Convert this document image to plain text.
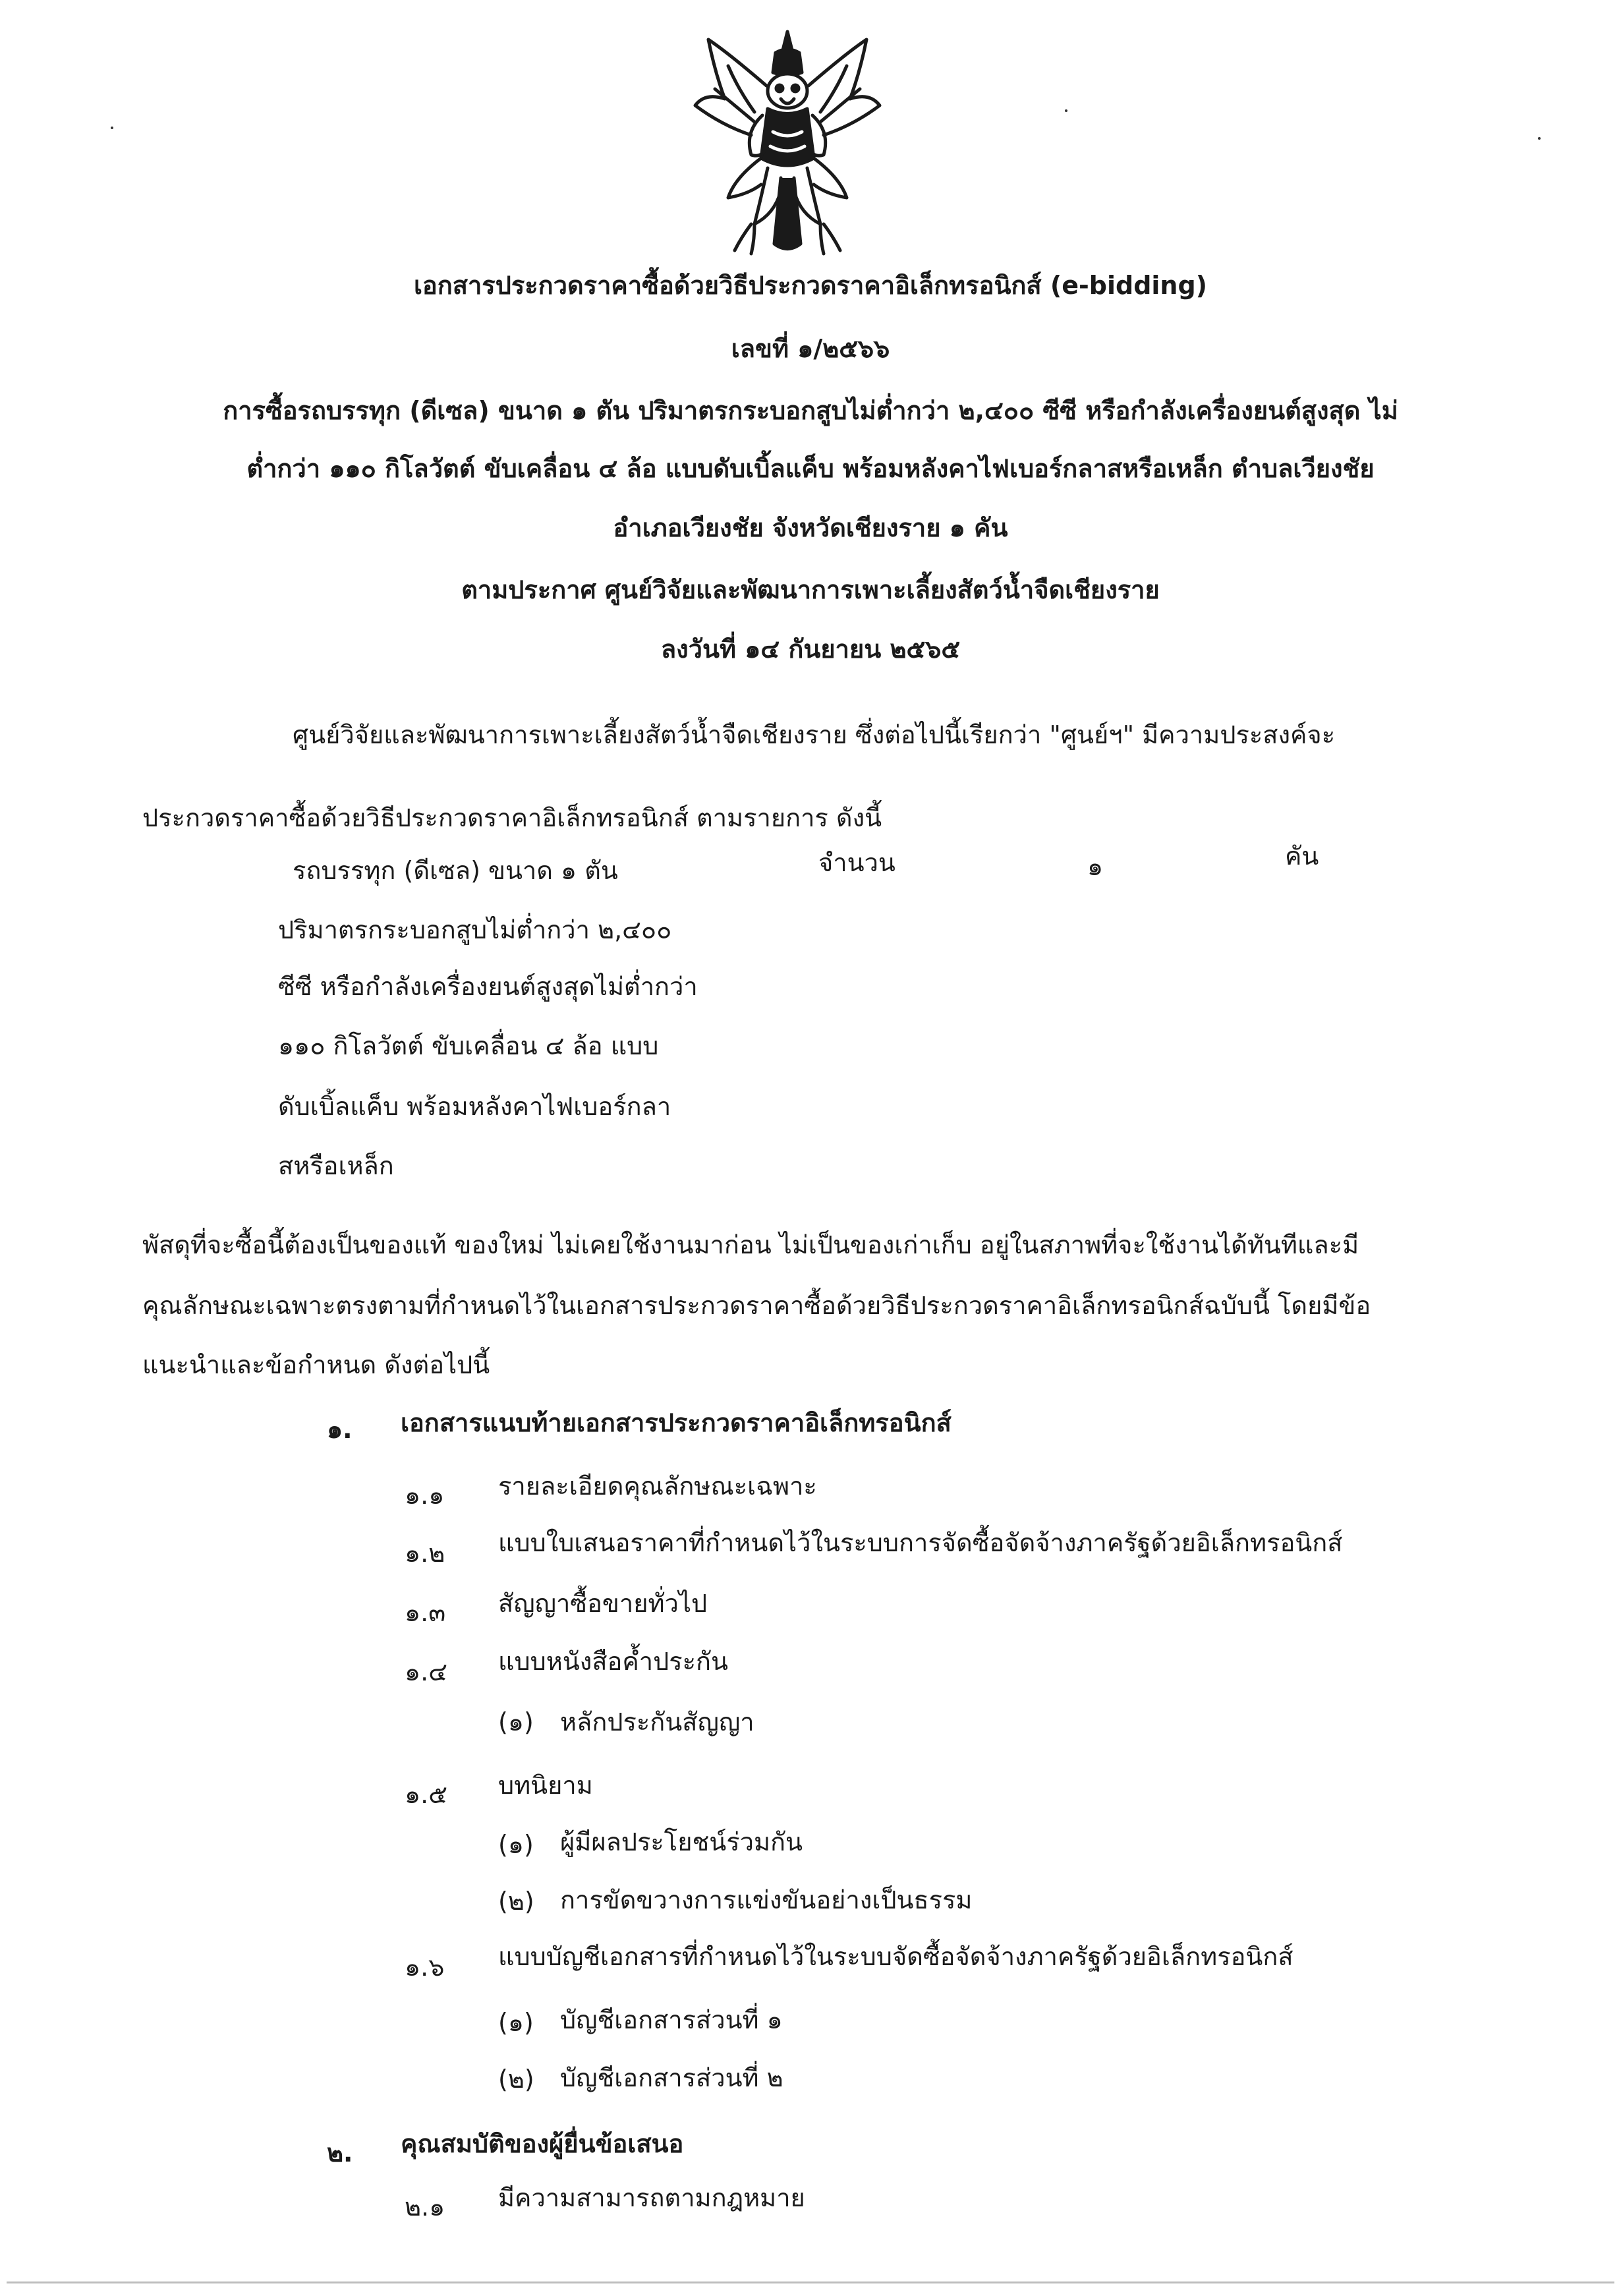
เอกสารประกวดราคาซื้อด้วยวิธีประกวดราคาอิเล็กทรอนิกส์ (e-bidding)
เลขที่ ๑/๒๕๖๖
การซื้อรถบรรทุก (ดีเซล) ขนาด ๑ ตัน ปริมาตรกระบอกสูบไม่ต่ำกว่า ๒,๔๐๐ ซีซี หรือกำลังเครื่องยนต์สูงสุด ไม่
ต่ำกว่า ๑๑๐ กิโลวัตต์ ขับเคลื่อน ๔ ล้อ แบบดับเบิ้ลแค็บ พร้อมหลังคาไฟเบอร์กลาสหรือเหล็ก ตำบลเวียงชัย
อำเภอเวียงชัย จังหวัดเชียงราย ๑ คัน
ตามประกาศ ศูนย์วิจัยและพัฒนาการเพาะเลี้ยงสัตว์น้ำจืดเชียงราย
ลงวันที่ ๑๔ กันยายน ๒๕๖๕
ศูนย์วิจัยและพัฒนาการเพาะเลี้ยงสัตว์น้ำจืดเชียงราย ซึ่งต่อไปนี้เรียกว่า "ศูนย์ฯ" มีความประสงค์จะ
ประกวดราคาซื้อด้วยวิธีประกวดราคาอิเล็กทรอนิกส์ ตามรายการ ดังนี้
รถบรรทุก (ดีเซล) ขนาด ๑ ตัน	จำนวน	๑	คัน
ปริมาตรกระบอกสูบไม่ต่ำกว่า ๒,๔๐๐
ซีซี หรือกำลังเครื่องยนต์สูงสุดไม่ต่ำกว่า
๑๑๐ กิโลวัตต์ ขับเคลื่อน ๔ ล้อ แบบ
ดับเบิ้ลแค็บ พร้อมหลังคาไฟเบอร์กลา
สหรือเหล็ก
พัสดุที่จะซื้อนี้ต้องเป็นของแท้ ของใหม่ ไม่เคยใช้งานมาก่อน ไม่เป็นของเก่าเก็บ อยู่ในสภาพที่จะใช้งานได้ทันทีและมี
คุณลักษณะเฉพาะตรงตามที่กำหนดไว้ในเอกสารประกวดราคาซื้อด้วยวิธีประกวดราคาอิเล็กทรอนิกส์ฉบับนี้ โดยมีข้อ
แนะนำและข้อกำหนด ดังต่อไปนี้
๑. เอกสารแนบท้ายเอกสารประกวดราคาอิเล็กทรอนิกส์
๑.๑ รายละเอียดคุณลักษณะเฉพาะ
๑.๒ แบบใบเสนอราคาที่กำหนดไว้ในระบบการจัดซื้อจัดจ้างภาครัฐด้วยอิเล็กทรอนิกส์
๑.๓ สัญญาซื้อขายทั่วไป
๑.๔ แบบหนังสือค้ำประกัน
(๑) หลักประกันสัญญา
๑.๕ บทนิยาม
(๑) ผู้มีผลประโยชน์ร่วมกัน
(๒) การขัดขวางการแข่งขันอย่างเป็นธรรม
๑.๖ แบบบัญชีเอกสารที่กำหนดไว้ในระบบจัดซื้อจัดจ้างภาครัฐด้วยอิเล็กทรอนิกส์
(๑) บัญชีเอกสารส่วนที่ ๑
(๒) บัญชีเอกสารส่วนที่ ๒
๒. คุณสมบัติของผู้ยื่นข้อเสนอ
๒.๑ มีความสามารถตามกฎหมาย
